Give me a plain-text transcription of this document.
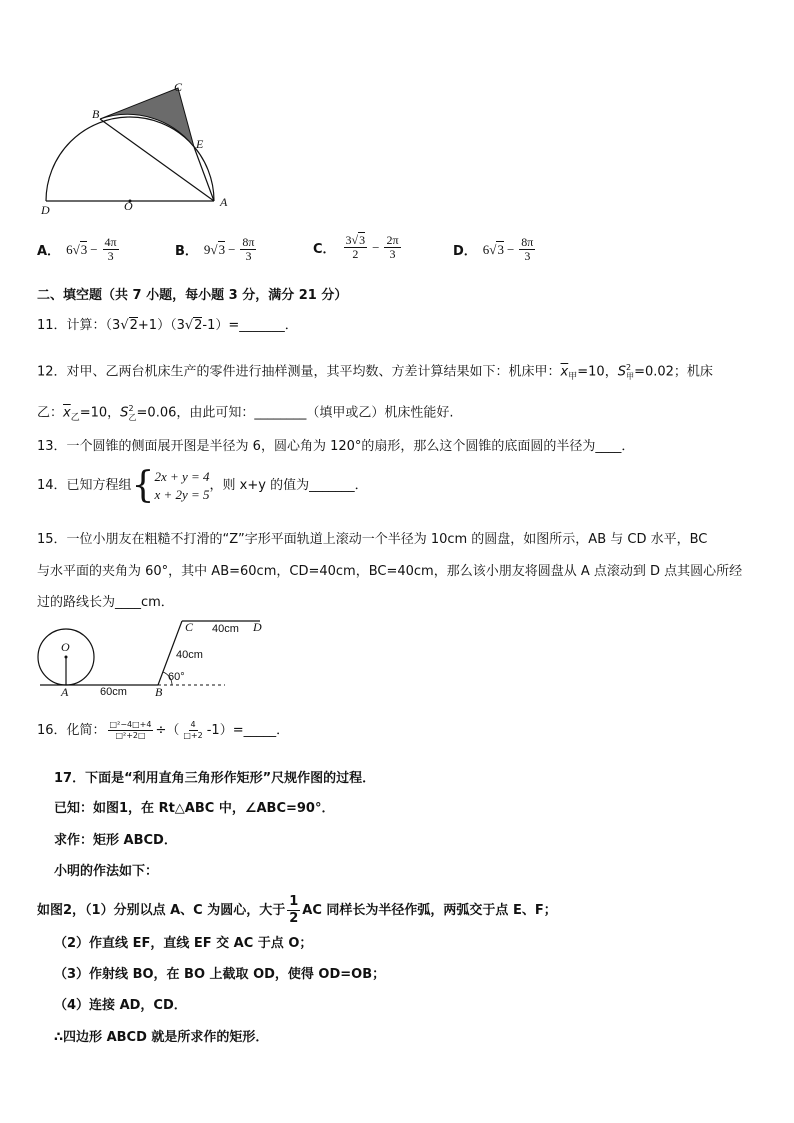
C
B
E
D	O	A
A． 6 √ $3 - \frac{4\pi}{3}$	B． 9 √ $3 - \frac{8\pi}{3}$	C． $\frac{3√3}{2} - \frac{2\pi}{3}$	D． 6 √ $3 - \frac{8\pi}{3}$
二、填空题（共 7 小题，每小题 3 分，满分 21 分）
11．计算：（3√2+1）（3√2-1）=_______．
12．对甲、乙两台机床生产的零件进行抽样测量，其平均数、方差计算结果如下：机床甲：$\overline{x}_甲=10$，$S^2_甲=0.02$；机床
乙：$\overline{x}_乙=10$，$S^2_乙=0.06$，由此可知：________（填甲或乙）机床性能好.
13．一个圆锥的侧面展开图是半径为 6，圆心角为 120°的扇形，那么这个圆锥的底面圆的半径为____．
14．已知方程组 { 2x + y = 4
x + 2y = 5
，则 x+y 的值为_______．
15．一位小朋友在粗糙不打滑的“Z”字形平面轨道上滚动一个半径为 10cm 的圆盘，如图所示，AB 与 CD 水平，BC
与水平面的夹角为 60°，其中 AB=60cm，CD=40cm，BC=40cm，那么该小朋友将圆盘从 A 点滚动到 D 点其圆心所经
过的路线长为____cm．
O
A	B
C	D
40cm
40cm
60cm
60°
16．化简： $\frac{\text{□²−4□+4}}{\text{□²+2□}}$ ÷（ $\frac{4}{□+2}$ -1）=_____．
17．下面是“利用直角三角形作矩形”尺规作图的过程．
已知：如图1，在 Rt△ABC 中，∠ABC=90°．
求作：矩形 ABCD．
小明的作法如下：
如图2，（1）分别以点 A、C 为圆心，大于 $\frac{1}{2}$ AC 同样长为半径作弧，两弧交于点 E、F；
（2）作直线 EF，直线 EF 交 AC 于点 O；
（3）作射线 BO，在 BO 上截取 OD，使得 OD=OB；
（4）连接 AD，CD．
∴四边形 ABCD 就是所求作的矩形．
